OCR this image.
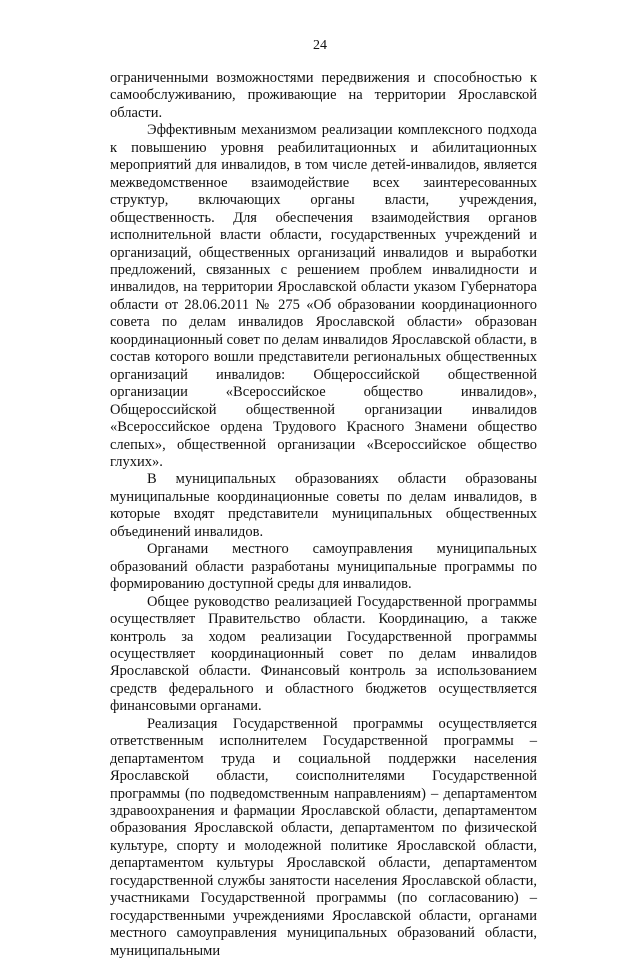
24

ограниченными возможностями передвижения и способностью к самообслуживанию, проживающие на территории Ярославской области.

Эффективным механизмом реализации комплексного подхода к повышению уровня реабилитационных и абилитационных мероприятий для инвалидов, в том числе детей-инвалидов, является межведомственное взаимодействие всех заинтересованных структур, включающих органы власти, учреждения, общественность. Для обеспечения взаимодействия органов исполнительной власти области, государственных учреждений и организаций, общественных организаций инвалидов и выработки предложений, связанных с решением проблем инвалидности и инвалидов, на территории Ярославской области указом Губернатора области от 28.06.2011 № 275 «Об образовании координационного совета по делам инвалидов Ярославской области» образован координационный совет по делам инвалидов Ярославской области, в состав которого вошли представители региональных общественных организаций инвалидов: Общероссийской общественной организации «Всероссийское общество инвалидов», Общероссийской общественной организации инвалидов «Всероссийское ордена Трудового Красного Знамени общество слепых», общественной организации «Всероссийское общество глухих».

В муниципальных образованиях области образованы муниципальные координационные советы по делам инвалидов, в которые входят представители муниципальных общественных объединений инвалидов.

Органами местного самоуправления муниципальных образований области разработаны муниципальные программы по формированию доступной среды для инвалидов.

Общее руководство реализацией Государственной программы осуществляет Правительство области. Координацию, а также контроль за ходом реализации Государственной программы осуществляет координационный совет по делам инвалидов Ярославской области. Финансовый контроль за использованием средств федерального и областного бюджетов осуществляется финансовыми органами.

Реализация Государственной программы осуществляется ответственным исполнителем Государственной программы – департаментом труда и социальной поддержки населения Ярославской области, соисполнителями Государственной программы (по подведомственным направлениям) – департаментом здравоохранения и фармации Ярославской области, департаментом образования Ярославской области, департаментом по физической культуре, спорту и молодежной политике Ярославской области, департаментом культуры Ярославской области, департаментом государственной службы занятости населения Ярославской области, участниками Государственной программы (по согласованию) – государственными учреждениями Ярославской области, органами местного самоуправления муниципальных образований области, муниципальными
